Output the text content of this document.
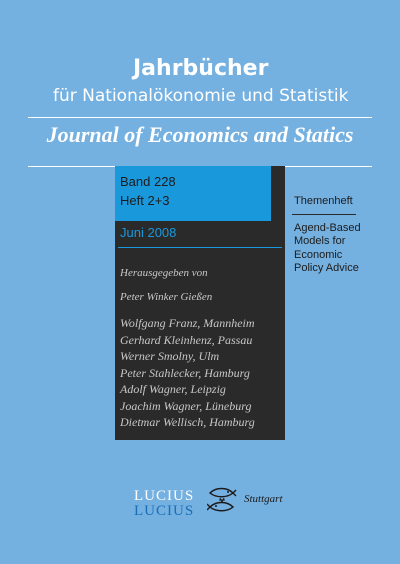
Jahrbücher

für Nationalökonomie und Statistik

Journal of Economics and Statics

Band 228

Heft 2+3

Juni 2008

Herausgegeben von

Peter Winker Gießen

Wolfgang Franz, Mannheim
Gerhard Kleinhenz, Passau
Werner Smolny, Ulm
Peter Stahlecker, Hamburg
Adolf Wagner, Leipzig
Joachim Wagner, Lüneburg
Dietmar Wellisch, Hamburg

Themenheft

Agend-Based
Models for
Economic
Policy Advice
LUCIUS
LUCIUS

Stuttgart
